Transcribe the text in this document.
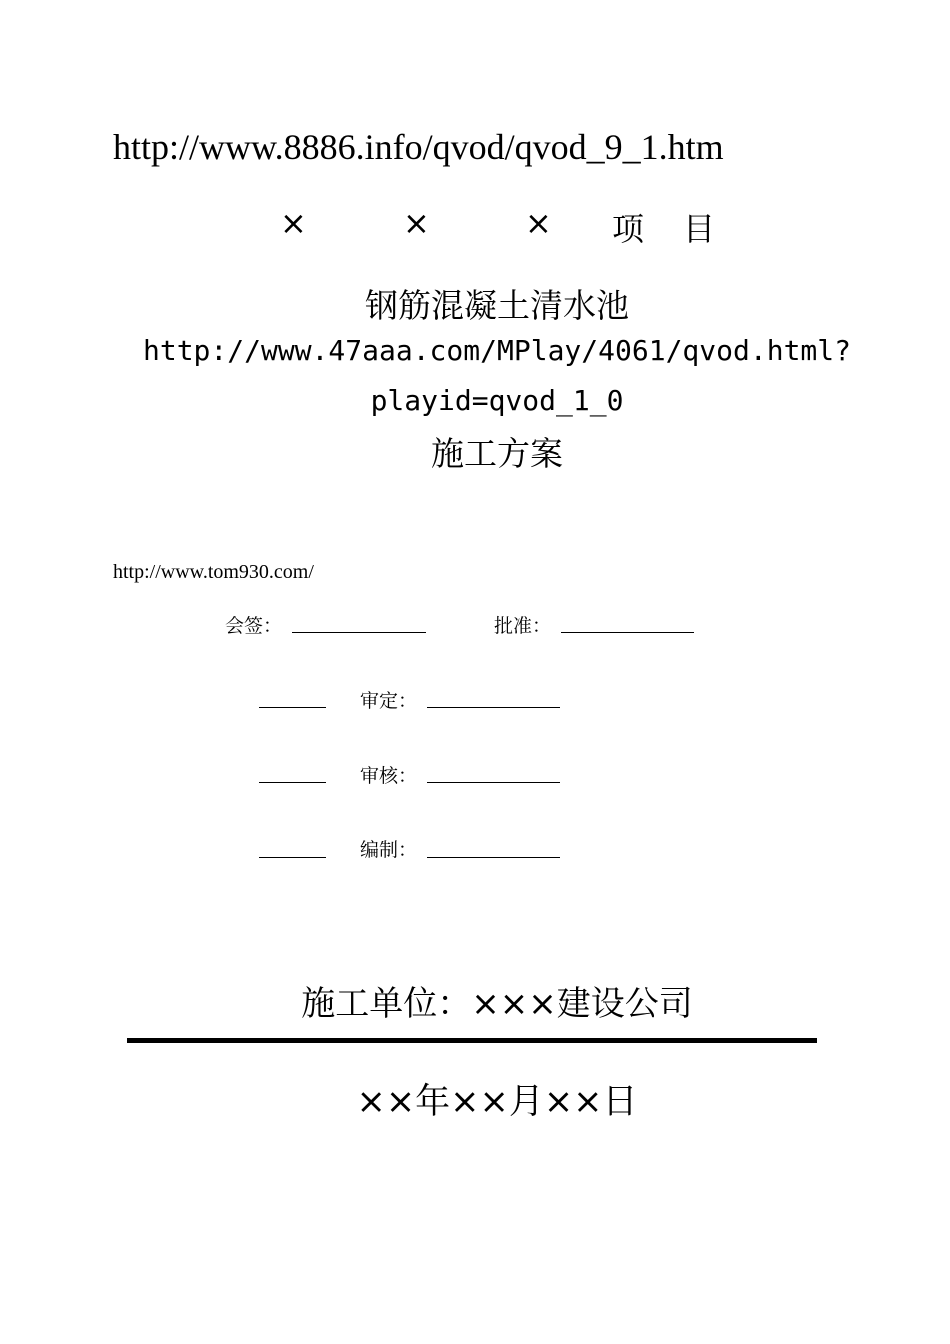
http://www.8886.info/qvod/qvod_9_1.htm
×	×	× 项 目
钢筋混凝土清水池
http://www.47aaa.com/MPlay/4061/qvod.html?
playid=qvod_1_0
施工方案
http://www.tom930.com/
会签：	批准：
审定：
审核：
编制：
施工单位：×××建设公司
××年××月××日
